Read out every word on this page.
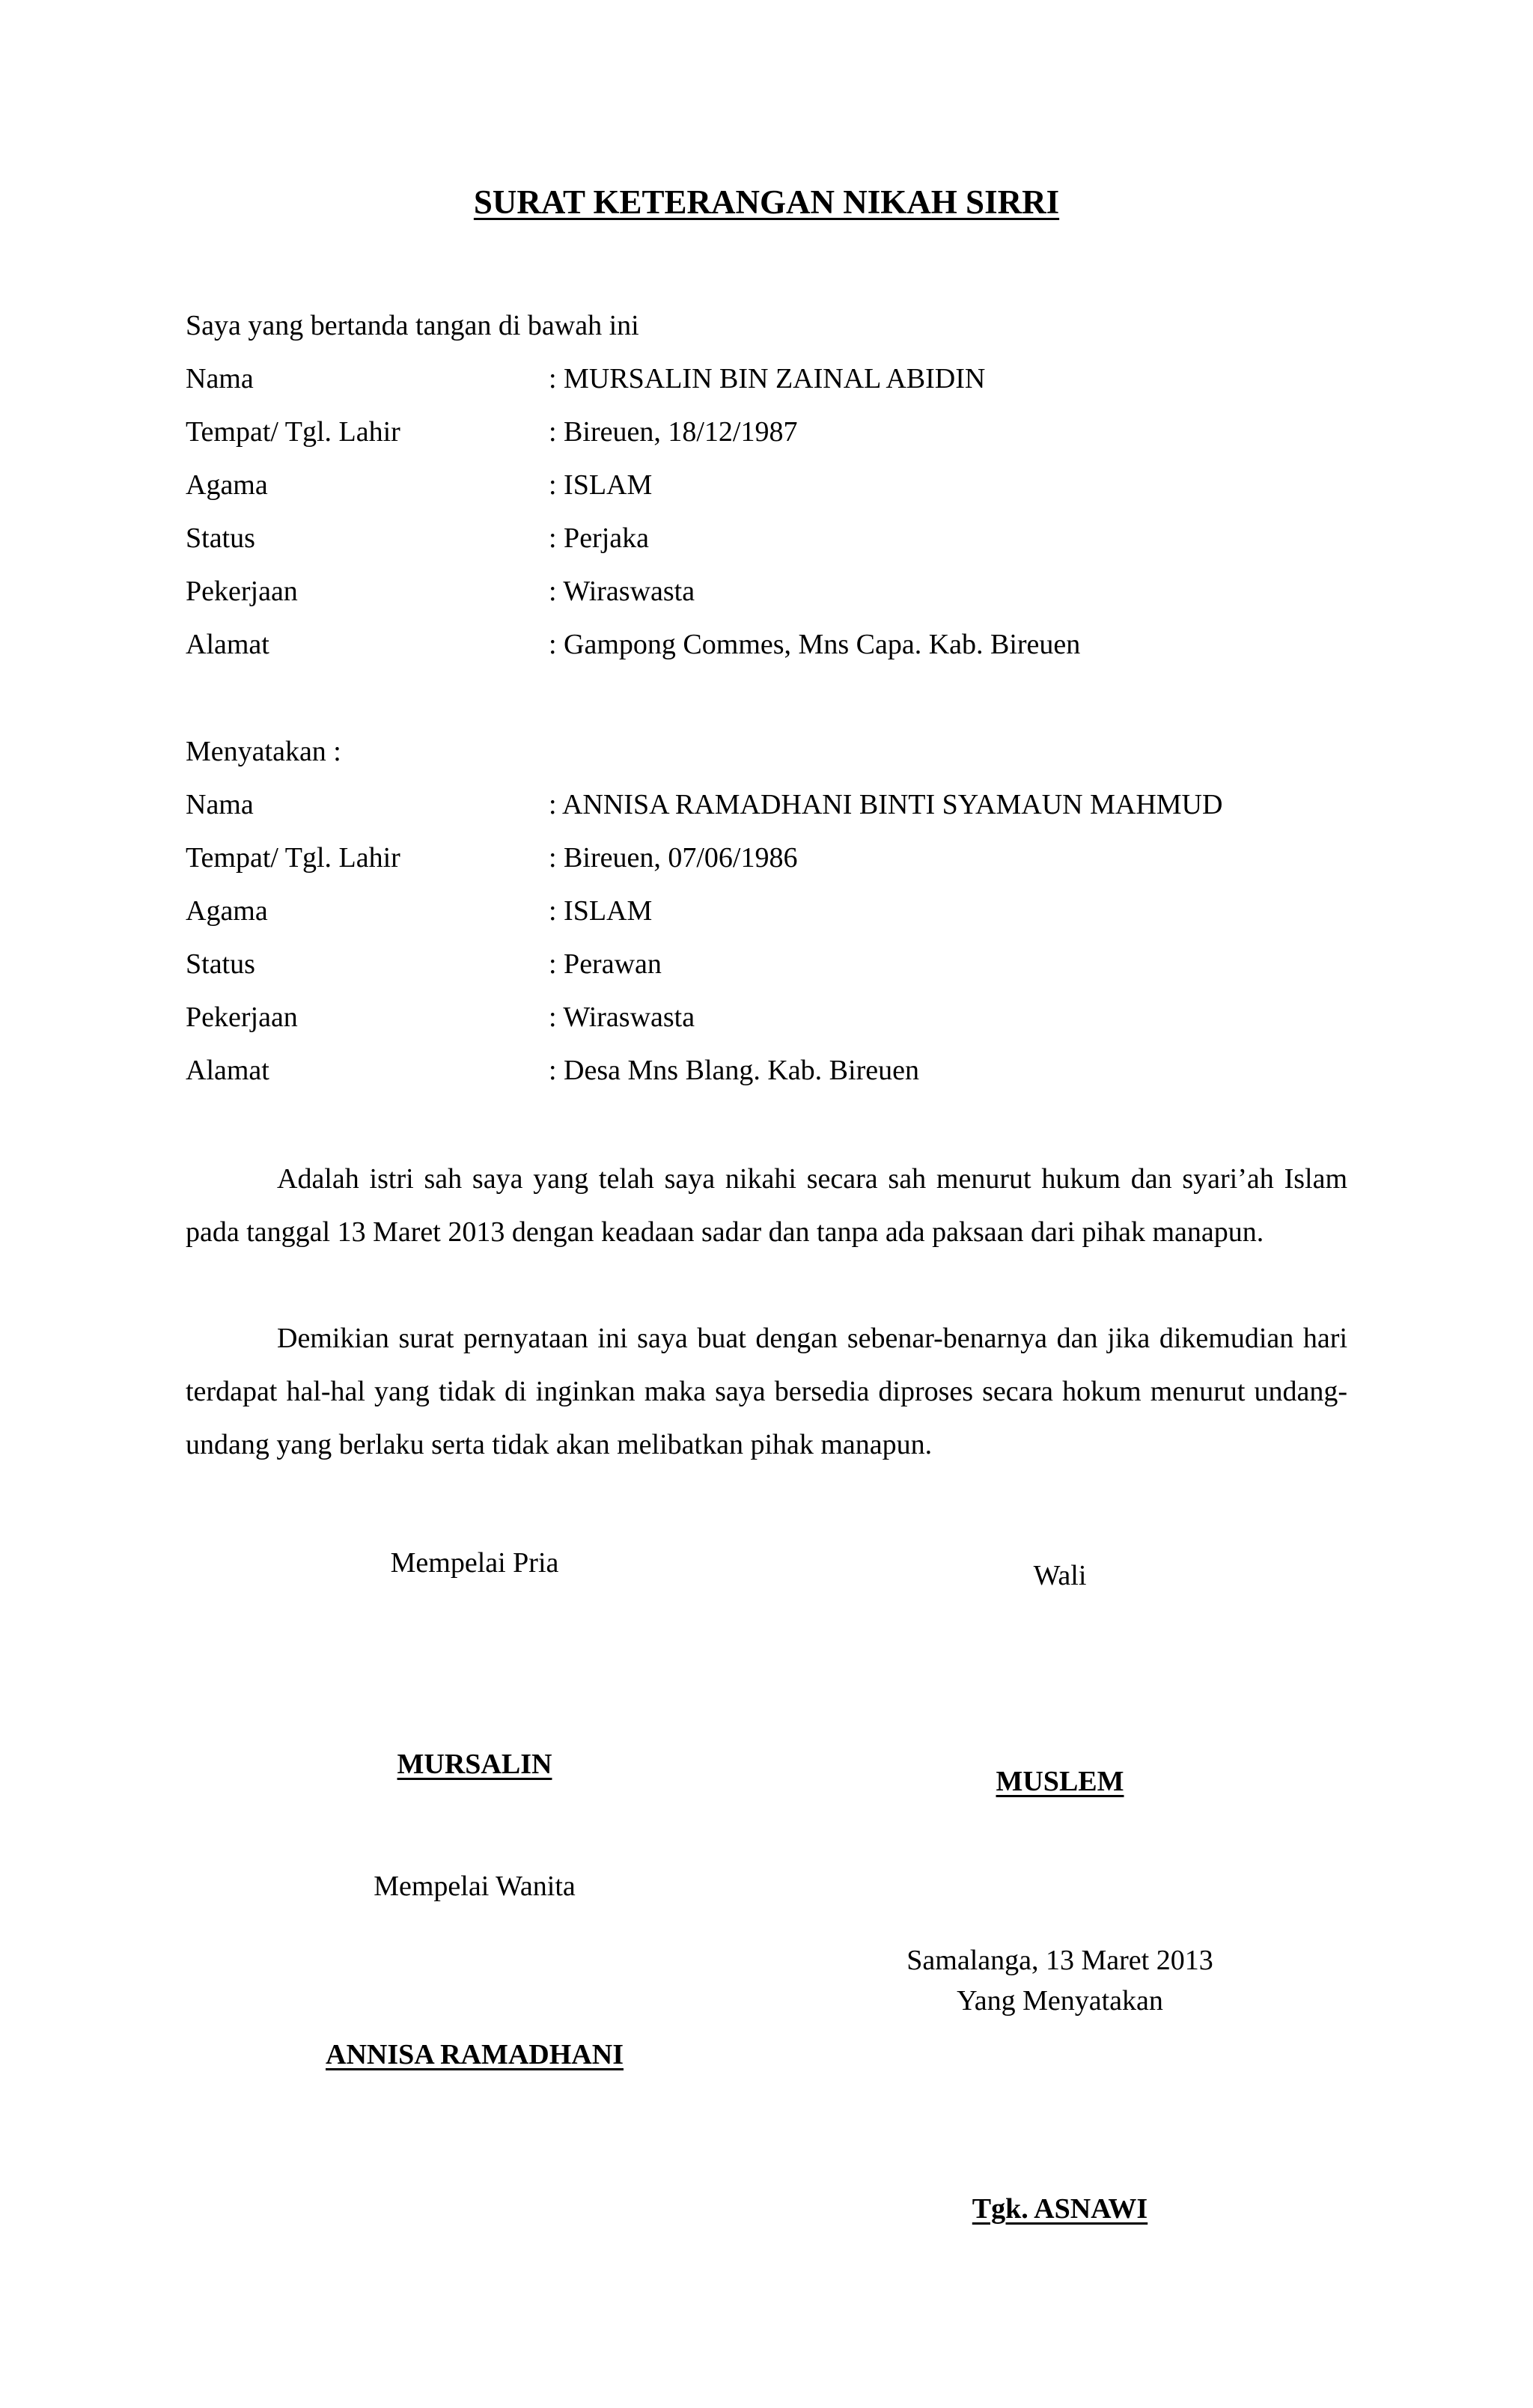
SURAT KETERANGAN NIKAH SIRRI
Saya yang bertanda tangan di bawah ini
Nama	: MURSALIN BIN ZAINAL ABIDIN
Tempat/ Tgl. Lahir	: Bireuen, 18/12/1987
Agama	: ISLAM
Status	: Perjaka
Pekerjaan	: Wiraswasta
Alamat	: Gampong Commes, Mns Capa. Kab. Bireuen
Menyatakan :
Nama	: ANNISA RAMADHANI BINTI SYAMAUN MAHMUD
Tempat/ Tgl. Lahir	: Bireuen, 07/06/1986
Agama	: ISLAM
Status	: Perawan
Pekerjaan	: Wiraswasta
Alamat	: Desa Mns Blang. Kab. Bireuen

Adalah istri sah saya yang telah saya nikahi secara sah menurut hukum dan syari’ah Islam pada tanggal 13 Maret 2013 dengan keadaan sadar dan tanpa ada paksaan dari pihak manapun.

Demikian surat pernyataan ini saya buat dengan sebenar-benarnya dan jika dikemudian hari terdapat hal-hal yang tidak di inginkan maka saya bersedia diproses secara hokum menurut undang-undang yang berlaku serta tidak akan melibatkan pihak manapun.

Mempelai Pria	Wali
MURSALIN
MUSLEM
Mempelai Wanita
Samalanga, 13 Maret 2013
Yang Menyatakan
ANNISA RAMADHANI
Tgk. ASNAWI
